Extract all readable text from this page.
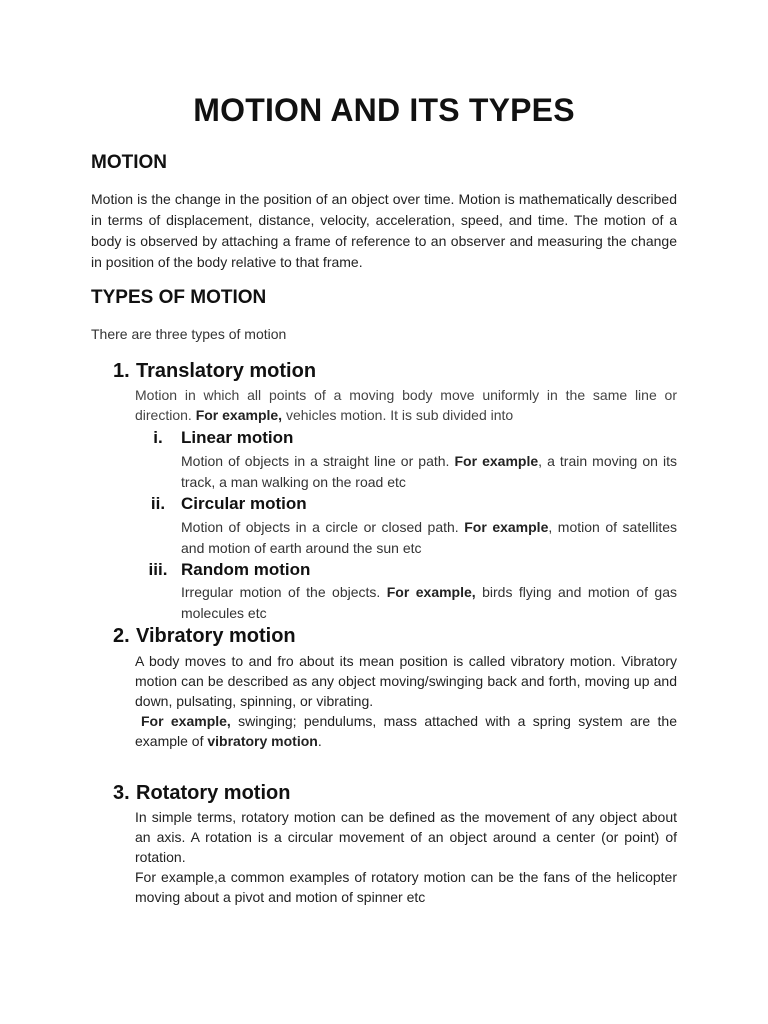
MOTION AND ITS TYPES
MOTION
Motion is the change in the position of an object over time. Motion is mathematically described in terms of displacement, distance, velocity, acceleration, speed, and time. The motion of a body is observed by attaching a frame of reference to an observer and measuring the change in position of the body relative to that frame.
TYPES OF MOTION
There are three types of motion
1. Translatory motion
Motion in which all points of a moving body move uniformly in the same line or direction. For example, vehicles motion. It is sub divided into
i. Linear motion
Motion of objects in a straight line or path. For example, a train moving on its track, a man walking on the road etc
ii. Circular motion
Motion of objects in a circle or closed path. For example, motion of satellites and motion of earth around the sun etc
iii. Random motion
Irregular motion of the objects. For example, birds flying and motion of gas molecules etc
2. Vibratory motion
A body moves to and fro about its mean position is called vibratory motion. Vibratory motion can be described as any object moving/swinging back and forth, moving up and down, pulsating, spinning, or vibrating.
For example, swinging; pendulums, mass attached with a spring system are the example of vibratory motion.
3. Rotatory motion
In simple terms, rotatory motion can be defined as the movement of any object about an axis. A rotation is a circular movement of an object around a center (or point) of rotation.
For example,a common examples of rotatory motion can be the fans of the helicopter moving about a pivot and motion of spinner etc
